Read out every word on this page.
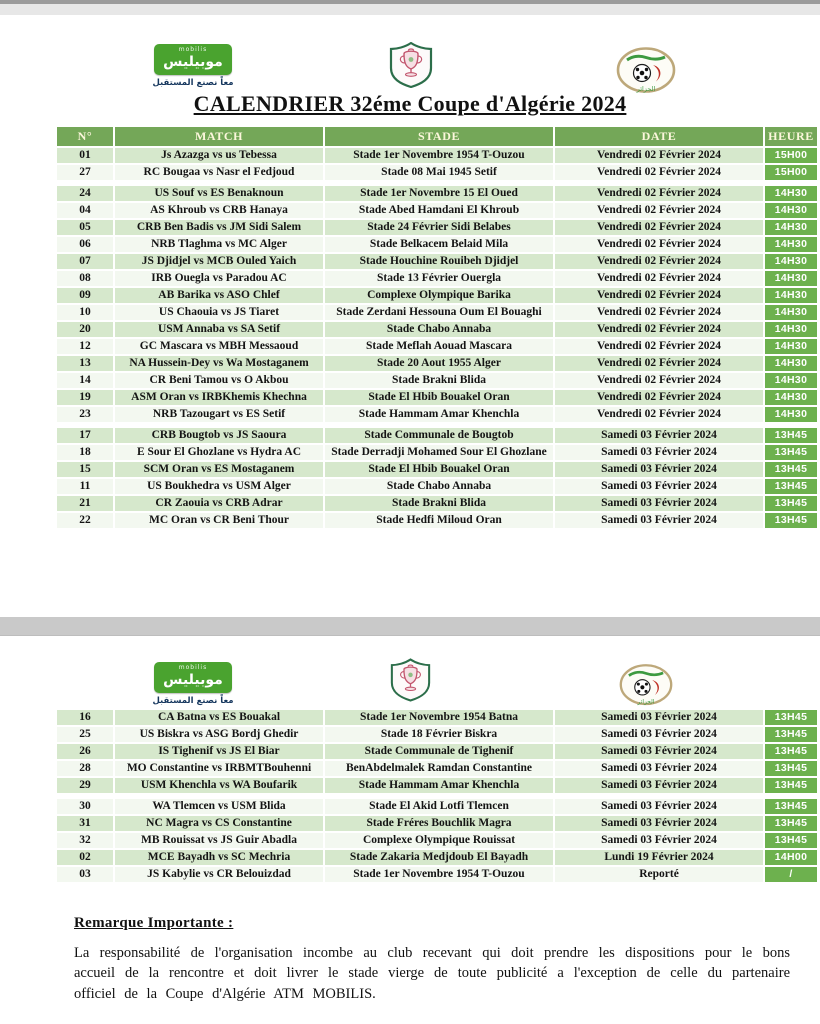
mobilis
موبيليس
معاً نصنع المستقبل
الجزائر
CALENDRIER 32éme Coupe d'Algérie 2024
N°	MATCH	STADE	DATE	HEURE
01	Js Azazga vs us Tebessa	Stade 1er Novembre 1954 T-Ouzou	Vendredi 02 Février 2024	15H00
27	RC Bougaa vs Nasr el Fedjoud	Stade 08 Mai 1945 Setif	Vendredi 02 Février 2024	15H00

24	US Souf vs ES Benaknoun	Stade 1er Novembre 15 El Oued	Vendredi 02 Février 2024	14H30
04	AS Khroub vs CRB Hanaya	Stade Abed Hamdani El Khroub	Vendredi 02 Février 2024	14H30
05	CRB Ben Badis vs JM Sidi Salem	Stade 24 Février Sidi Belabes	Vendredi 02 Février 2024	14H30
06	NRB Tlaghma vs MC Alger	Stade Belkacem Belaid Mila	Vendredi 02 Février 2024	14H30
07	JS Djidjel vs MCB Ouled Yaich	Stade Houchine Rouibeh Djidjel	Vendredi 02 Février 2024	14H30
08	IRB Ouegla vs Paradou AC	Stade 13 Février Ouergla	Vendredi 02 Février 2024	14H30
09	AB Barika vs ASO Chlef	Complexe Olympique Barika	Vendredi 02 Février 2024	14H30
10	US Chaouia vs JS Tiaret	Stade Zerdani Hessouna Oum El Bouaghi	Vendredi 02 Février 2024	14H30
20	USM Annaba vs SA Setif	Stade Chabo Annaba	Vendredi 02 Février 2024	14H30
12	GC Mascara vs MBH Messaoud	Stade Meflah Aouad Mascara	Vendredi 02 Février 2024	14H30
13	NA Hussein-Dey vs Wa Mostaganem	Stade 20 Aout 1955 Alger	Vendredi 02 Février 2024	14H30
14	CR Beni Tamou vs O Akbou	Stade Brakni Blida	Vendredi 02 Février 2024	14H30
19	ASM Oran vs IRBKhemis Khechna	Stade El Hbib Bouakel Oran	Vendredi 02 Février 2024	14H30
23	NRB Tazougart vs ES Setif	Stade Hammam Amar Khenchla	Vendredi 02 Février 2024	14H30

17	CRB Bougtob vs JS Saoura	Stade Communale de Bougtob	Samedi 03 Février 2024	13H45
18	E Sour El Ghozlane vs Hydra AC	Stade Derradji Mohamed Sour El Ghozlane	Samedi 03 Février 2024	13H45
15	SCM Oran vs ES Mostaganem	Stade El Hbib Bouakel Oran	Samedi 03 Février 2024	13H45
11	US Boukhedra vs USM Alger	Stade Chabo Annaba	Samedi 03 Février 2024	13H45
21	CR Zaouia vs CRB Adrar	Stade Brakni Blida	Samedi 03 Février 2024	13H45
22	MC Oran vs CR Beni Thour	Stade Hedfi Miloud Oran	Samedi 03 Février 2024	13H45
mobilis
موبيليس
معاً نصنع المستقبل	الجزائر
16	CA Batna vs ES Bouakal	Stade 1er Novembre 1954 Batna	Samedi 03 Février 2024	13H45
25	US Biskra vs ASG Bordj Ghedir	Stade 18 Février Biskra	Samedi 03 Février 2024	13H45
26	IS Tighenif vs JS El Biar	Stade Communale de Tighenif	Samedi 03 Février 2024	13H45
28	MO Constantine vs IRBMTBouhenni	BenAbdelmalek Ramdan Constantine	Samedi 03 Février 2024	13H45
29	USM Khenchla vs WA Boufarik	Stade Hammam Amar Khenchla	Samedi 03 Février 2024	13H45

30	WA Tlemcen vs USM Blida	Stade El Akid Lotfi Tlemcen	Samedi 03 Février 2024	13H45
31	NC Magra vs CS Constantine	Stade Fréres Bouchlik Magra	Samedi 03 Février 2024	13H45
32	MB Rouissat vs JS Guir Abadla	Complexe Olympique Rouissat	Samedi 03 Février 2024	13H45
02	MCE Bayadh vs SC Mechria	Stade Zakaria Medjdoub El Bayadh	Lundi 19 Février 2024	14H00
03	JS Kabylie vs CR Belouizdad	Stade 1er Novembre 1954 T-Ouzou	Reporté	/
Remarque Importante :

La responsabilité de l'organisation incombe au club recevant qui doit prendre les dispositions pour le bons accueil de la rencontre et doit livrer le stade vierge de toute publicité a l'exception de celle du partenaire officiel de la Coupe d'Algérie ATM MOBILIS.
